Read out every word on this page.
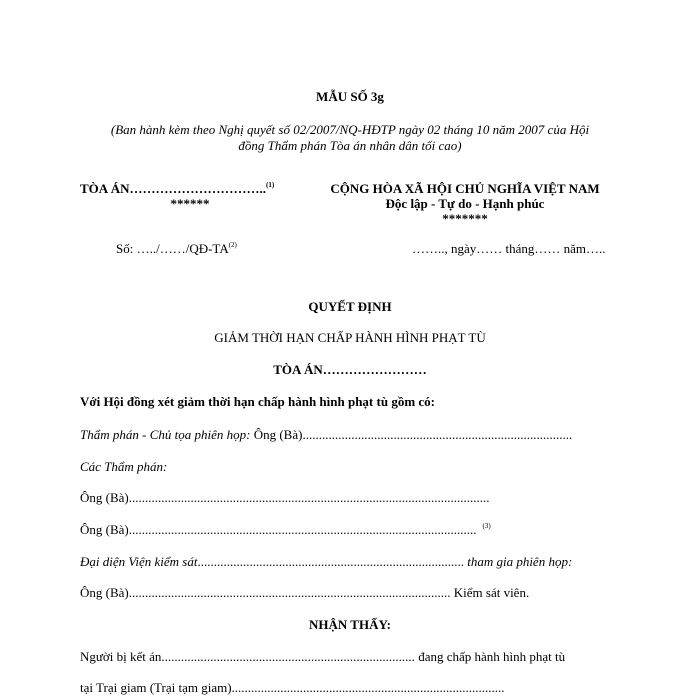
MẪU SỐ 3g
(Ban hành kèm theo Nghị quyết số 02/2007/NQ-HĐTP ngày 02 tháng 10 năm 2007 của Hội
đồng Thẩm phán Tòa án nhân dân tối cao)
TÒA ÁN…………………………..$^{(1)}$
******
CỘNG HÒA XÃ HỘI CHỦ NGHĨA VIỆT NAM
Độc lập - Tự do - Hạnh phúc
*******
Số: …../……/QĐ-TA$^{(2)}$	…….., ngày…… tháng…… năm…..
QUYẾT ĐỊNH
GIẢM THỜI HẠN CHẤP HÀNH HÌNH PHẠT TÙ
TÒA ÁN……………………
Với Hội đồng xét giảm thời hạn chấp hành hình phạt tù gồm có:
Thẩm phán - Chủ tọa phiên họp: Ông (Bà)...................................................................................
Các Thẩm phán:
Ông (Bà)...............................................................................................................
Ông (Bà)........................................................................................................... $^{(3)}$
Đại diện Viện kiểm sát.................................................................................. tham gia phiên họp:
Ông (Bà)................................................................................................... Kiểm sát viên.
NHẬN THẤY:
Người bị kết án.............................................................................. đang chấp hành hình phạt tù
tại Trại giam (Trại tạm giam)....................................................................................
